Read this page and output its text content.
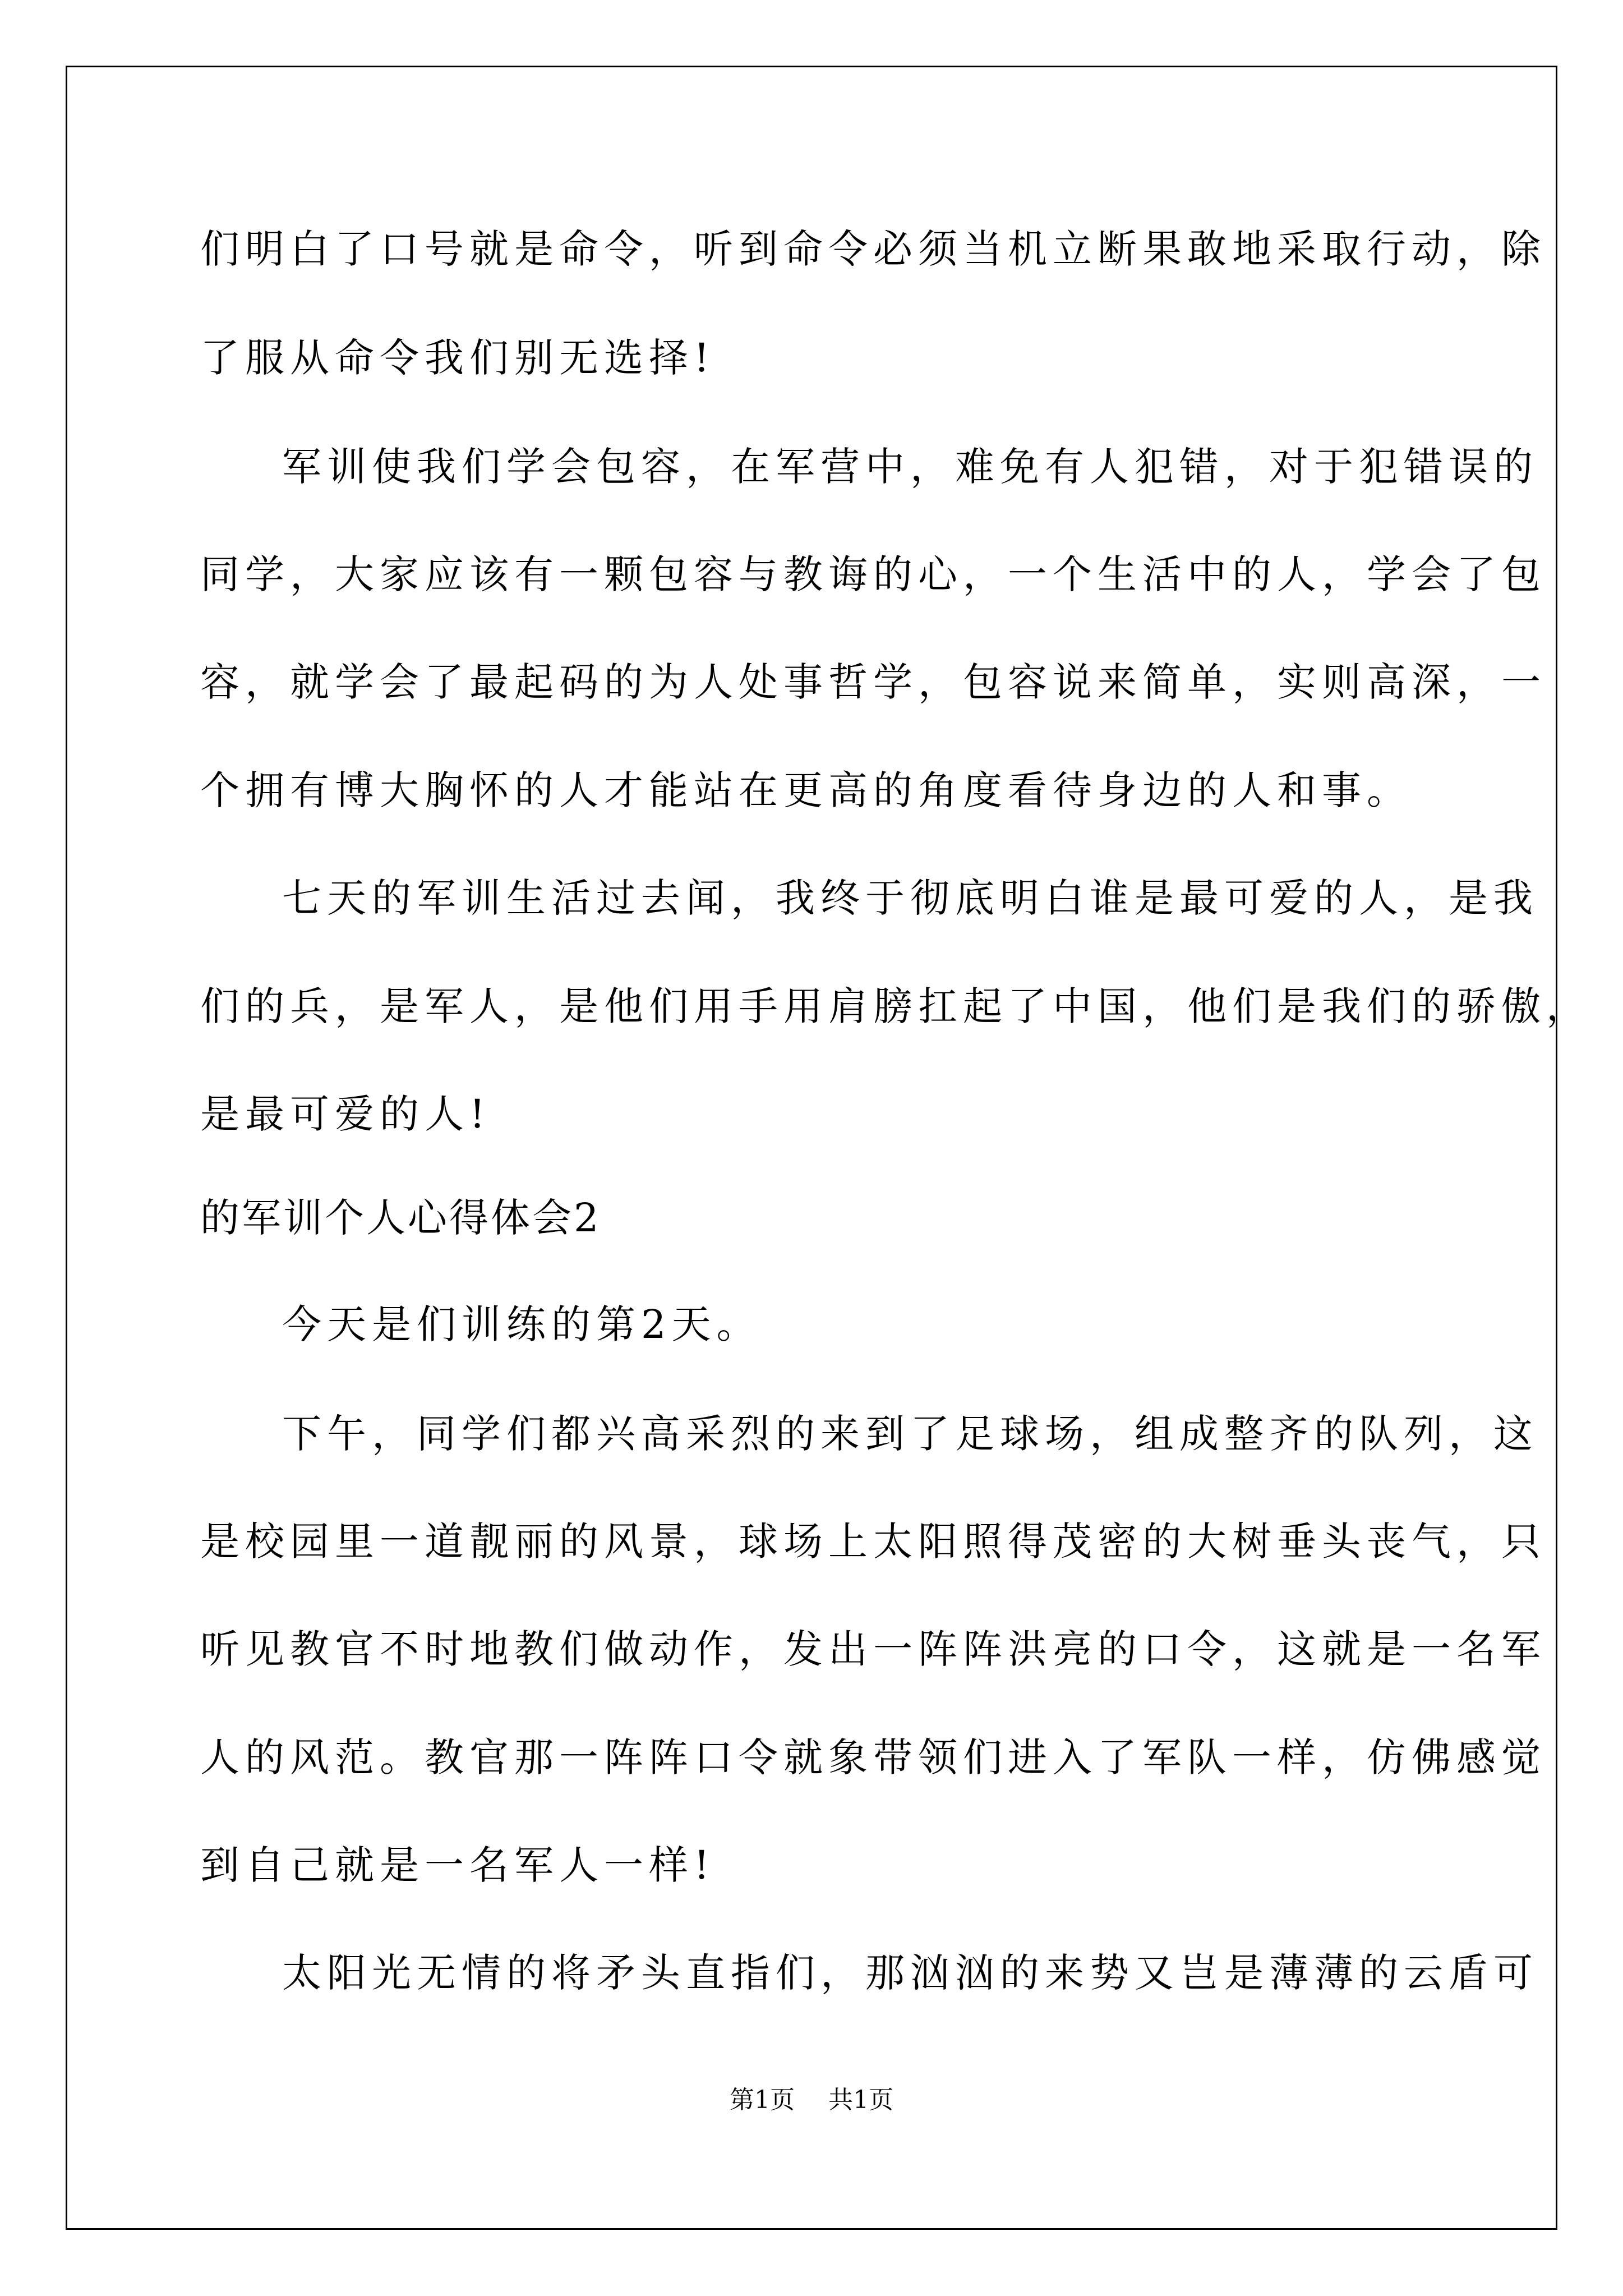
们明白了口号就是命令，听到命令必须当机立断果敢地采取行动，除
了服从命令我们别无选择!
军训使我们学会包容，在军营中，难免有人犯错，对于犯错误的
同学，大家应该有一颗包容与教诲的心，一个生活中的人，学会了包
容，就学会了最起码的为人处事哲学，包容说来简单，实则高深，一
个拥有博大胸怀的人才能站在更高的角度看待身边的人和事。
七天的军训生活过去闻，我终于彻底明白谁是最可爱的人，是我
们的兵，是军人，是他们用手用肩膀扛起了中国，他们是我们的骄傲，
是最可爱的人!
的军训个人心得体会2
今天是们训练的第2天。
下午，同学们都兴高采烈的来到了足球场，组成整齐的队列，这
是校园里一道靓丽的风景，球场上太阳照得茂密的大树垂头丧气，只
听见教官不时地教们做动作，发出一阵阵洪亮的口令，这就是一名军
人的风范。教官那一阵阵口令就象带领们进入了军队一样，仿佛感觉
到自己就是一名军人一样!
太阳光无情的将矛头直指们，那汹汹的来势又岂是薄薄的云盾可
第1页 共1页
